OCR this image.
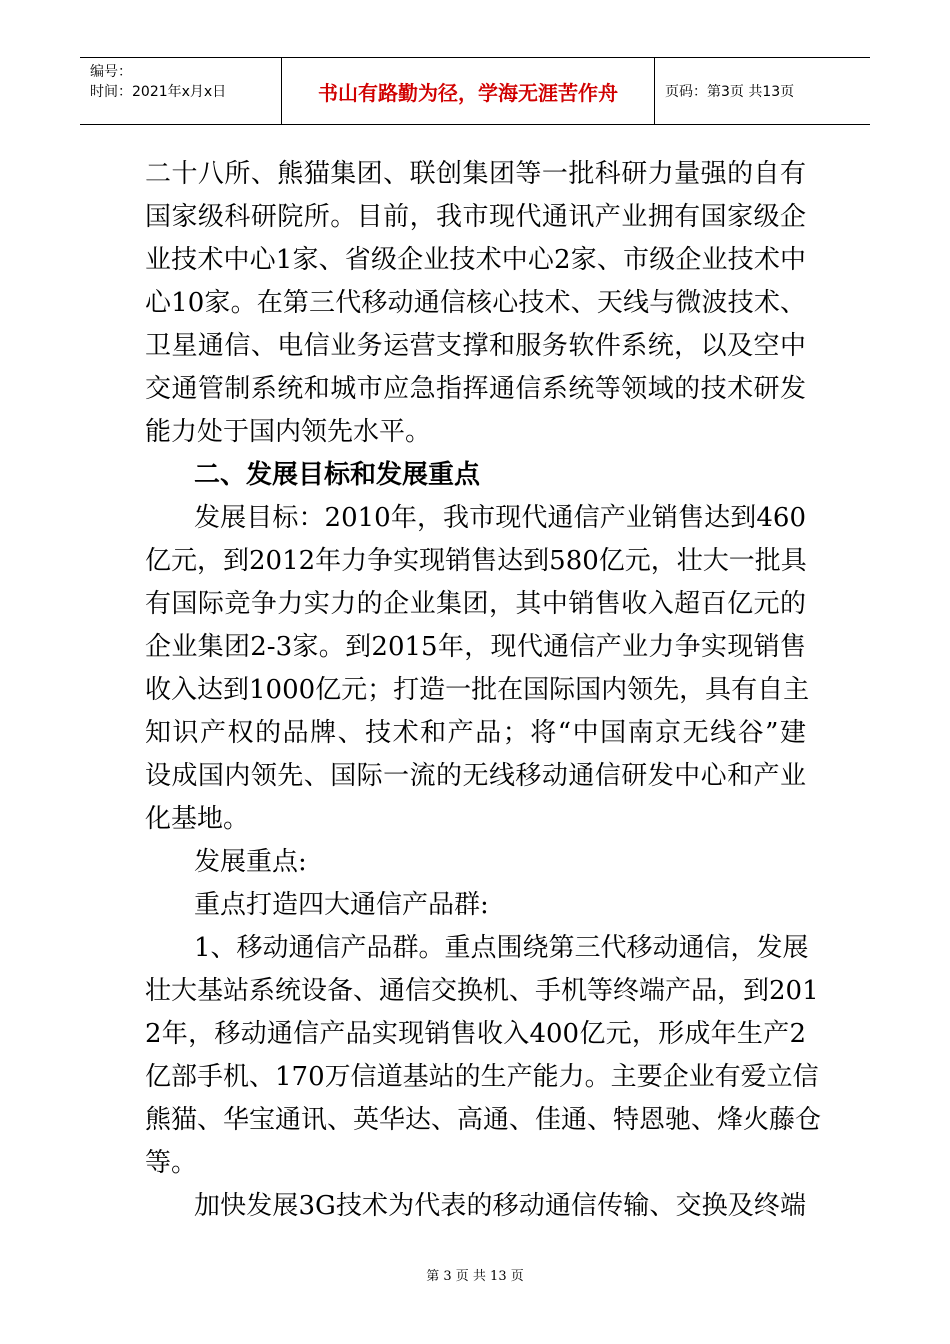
编号：
时间：2021年x月x日	书山有路勤为径，学海无涯苦作舟	页码：第3页 共13页
二十八所、熊猫集团、联创集团等一批科研力量强的自有
国家级科研院所。目前，我市现代通讯产业拥有国家级企
业技术中心1家、省级企业技术中心2家、市级企业技术中
心10家。在第三代移动通信核心技术、天线与微波技术、
卫星通信、电信业务运营支撑和服务软件系统，以及空中
交通管制系统和城市应急指挥通信系统等领域的技术研发
能力处于国内领先水平。
二、发展目标和发展重点
发展目标：2010年，我市现代通信产业销售达到460
亿元，到2012年力争实现销售达到580亿元，壮大一批具
有国际竞争力实力的企业集团，其中销售收入超百亿元的
企业集团2-3家。到2015年，现代通信产业力争实现销售
收入达到1000亿元；打造一批在国际国内领先，具有自主
知识产权的品牌、技术和产品；将“中国南京无线谷”建
设成国内领先、国际一流的无线移动通信研发中心和产业
化基地。
发展重点:
重点打造四大通信产品群:
1、移动通信产品群。重点围绕第三代移动通信，发展
壮大基站系统设备、通信交换机、手机等终端产品，到201
2年，移动通信产品实现销售收入400亿元，形成年生产2
亿部手机、170万信道基站的生产能力。主要企业有爱立信
熊猫、华宝通讯、英华达、高通、佳通、特恩驰、烽火藤仓
等。
加快发展3G技术为代表的移动通信传输、交换及终端
第 3 页 共 13 页
